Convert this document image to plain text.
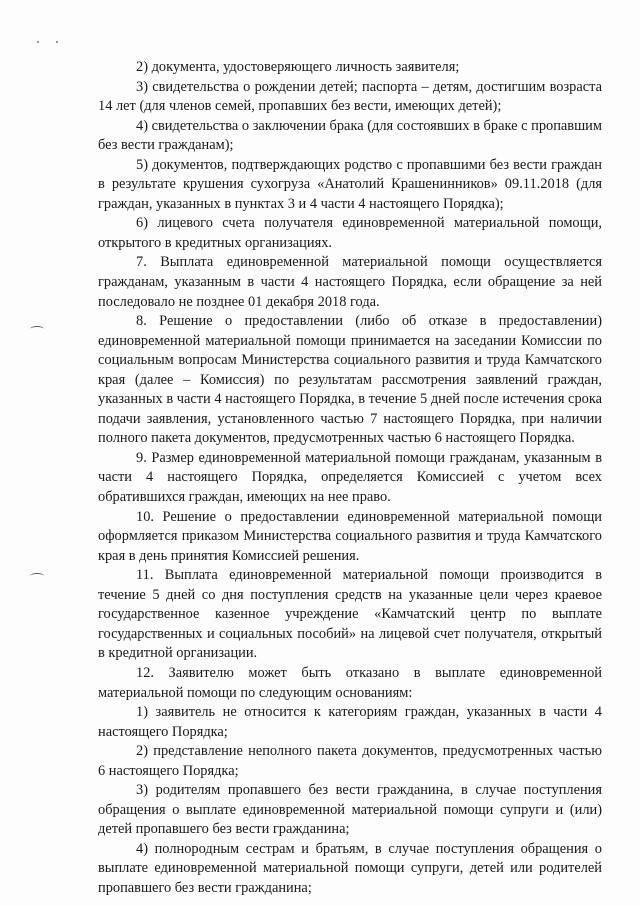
2) документа, удостоверяющего личность заявителя;

3) свидетельства о рождении детей; паспорта – детям, достигшим возраста 14 лет (для членов семей, пропавших без вести, имеющих детей);

4) свидетельства о заключении брака (для состоявших в браке с пропавшим без вести гражданам);

5) документов, подтверждающих родство с пропавшими без вести граждан в результате крушения сухогруза «Анатолий Крашенинников» 09.11.2018 (для граждан, указанных в пунктах 3 и 4 части 4 настоящего Порядка);

6) лицевого счета получателя единовременной материальной помощи, открытого в кредитных организациях.

7. Выплата единовременной материальной помощи осуществляется гражданам, указанным в части 4 настоящего Порядка, если обращение за ней последовало не позднее 01 декабря 2018 года.

8. Решение о предоставлении (либо об отказе в предоставлении) единовременной материальной помощи принимается на заседании Комиссии по социальным вопросам Министерства социального развития и труда Камчатского края (далее – Комиссия) по результатам рассмотрения заявлений граждан, указанных в части 4 настоящего Порядка, в течение 5 дней после истечения срока подачи заявления, установленного частью 7 настоящего Порядка, при наличии полного пакета документов, предусмотренных частью 6 настоящего Порядка.

9. Размер единовременной материальной помощи гражданам, указанным в части 4 настоящего Порядка, определяется Комиссией с учетом всех обратившихся граждан, имеющих на нее право.

10. Решение о предоставлении единовременной материальной помощи оформляется приказом Министерства социального развития и труда Камчатского края в день принятия Комиссией решения.

11. Выплата единовременной материальной помощи производится в течение 5 дней со дня поступления средств на указанные цели через краевое государственное казенное учреждение «Камчатский центр по выплате государственных и социальных пособий» на лицевой счет получателя, открытый в кредитной организации.

12. Заявителю может быть отказано в выплате единовременной материальной помощи по следующим основаниям:

1) заявитель не относится к категориям граждан, указанных в части 4 настоящего Порядка;

2) представление неполного пакета документов, предусмотренных частью 6 настоящего Порядка;

3) родителям пропавшего без вести гражданина, в случае поступления обращения о выплате единовременной материальной помощи супруги и (или) детей пропавшего без вести гражданина;

4) полнородным сестрам и братьям, в случае поступления обращения о выплате единовременной материальной помощи супруги, детей или родителей пропавшего без вести гражданина;
